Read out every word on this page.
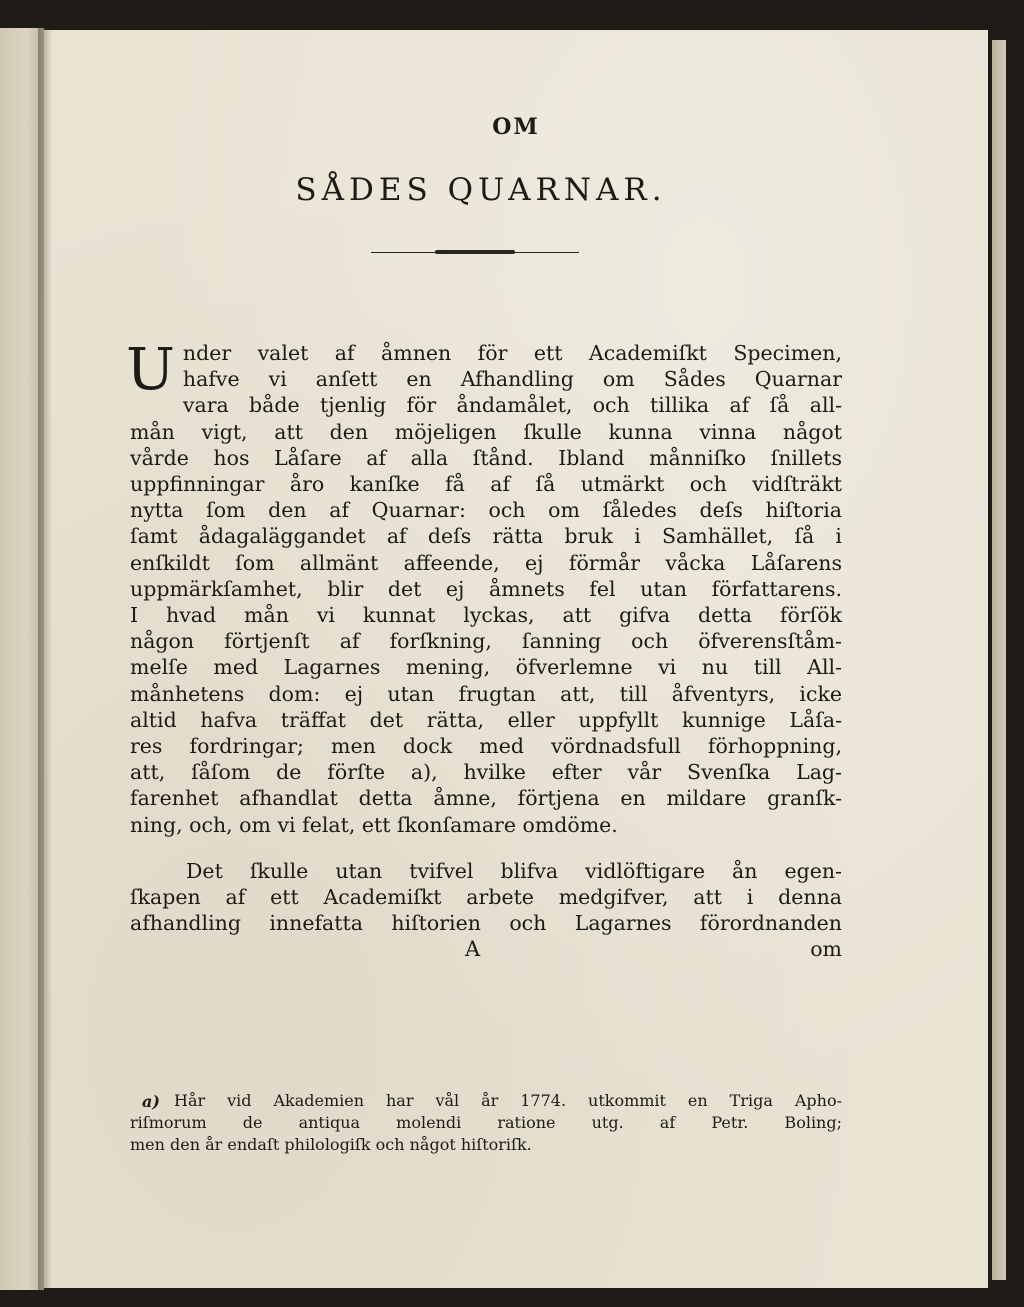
OM
SÅDES QUARNAR.
U nder valet af åmnen för ett Academiſkt Specimen,
hafve vi anſett en Afhandling om Sådes Quarnar
vara både tjenlig för åndamålet, och tillika af ſå all-
mån vigt, att den möjeligen ſkulle kunna vinna något
vårde hos Låſare af alla ſtånd. Ibland månniſko ſnillets
uppfinningar åro kanſke få af ſå utmärkt och vidſträkt
nytta ſom den af Quarnar: och om ſåledes deſs hiſtoria
ſamt ådagaläggandet af deſs rätta bruk i Samhället, ſå i
enſkildt ſom allmänt affeende, ej förmår våcka Låſarens
uppmärkſamhet, blir det ej åmnets fel utan författarens.
I hvad mån vi kunnat lyckas, att gifva detta förſök
någon förtjenſt af forſkning, ſanning och öfverensſtåm-
melſe med Lagarnes mening, öfverlemne vi nu till All-
månhetens dom: ej utan frugtan att, till åfventyrs, icke
altid hafva träffat det rätta, eller uppfyllt kunnige Låſa-
res fordringar; men dock med vördnadsfull förhoppning,
att, ſåſom de förſte a), hvilke efter vår Svenſka Lag-
farenhet afhandlat detta åmne, förtjena en mildare granſk-
ning, och, om vi felat, ett ſkonſamare omdöme.
Det ſkulle utan tvifvel blifva vidlöftigare ån egen-
ſkapen af ett Academiſkt arbete medgifver, att i denna
afhandling innefatta hiſtorien och Lagarnes förordnanden
A	om
a) Hår vid Akademien har vål år 1774. utkommit en Triga Apho-
riſmorum de antiqua molendi ratione utg. af Petr. Boling;
men den år endaſt philologiſk och något hiſtoriſk.
